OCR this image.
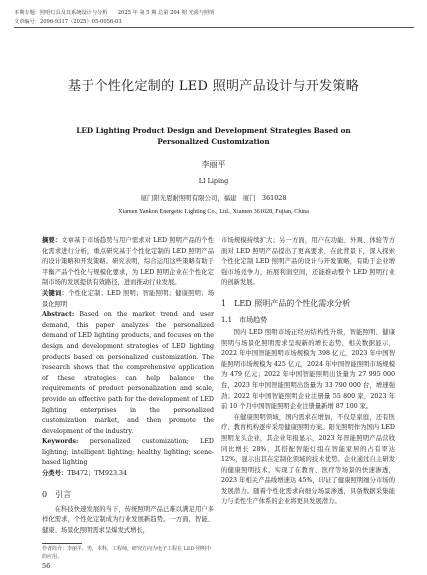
本期专题：照明灯具及其系统设计与分析　　2025 年 第 5 期 总第 204 期 光源与照明
文章编号：2096-9317（2025）05-0056-03
基于个性化定制的 LED 照明产品设计与开发策略
LED Lighting Product Design and Development Strategies Based on Personalized Customization
李丽平
LI Liping
厦门阳光恩耐照明有限公司，福建　厦门　361028
Xiamen Yankon Energetic Lighting Co., Ltd., Xiamen 361028, Fujian, China

摘要：文章基于市场趋势与用户需求对 LED 照明产品的个性化需求进行分析，重点研究基于个性化定制的 LED 照明产品的设计策略和开发策略。研究表明，综合运用这些策略有助于平衡产品个性化与规模化要求，为 LED 照明企业在个性化定制市场的发展提供有效路径，进而推动行业发展。

关键词：个性化定制；LED 照明；智能照明；健康照明；场景化照明

Abstract: Based on the market trend and user demand, this paper analyzes the personalized demand of LED lighting products, and focuses on the design and development strategies of LED lighting products based on personalized customization. The research shows that the comprehensive application of these strategies can help balance the requirements of product personalization and scale, provide an effective path for the development of LED lighting enterprises in the personalized customization market, and then promote the development of the industry.

Keywords: personalized customization; LED lighting; intelligent lighting; healthy lighting; scene-based lighting

分类号：TB472；TM923.34

0　引言

在科技快速发展的当下，传统照明产品已难以满足用户多样化需求，个性化定制成为行业发展新趋势。一方面，智能、健康、场景化照明需求呈爆发式增长，

市场规模持续扩大；另一方面，用户在功能、外观、体验等方面对 LED 照明产品提出了更高要求，在此背景下，深入探索个性化定制 LED 照明产品的设计与开发策略，有助于企业增强市场竞争力，拓展利润空间，还能推动整个 LED 照明行业的创新发展。

1　LED 照明产品的个性化需求分析
1.1　市场趋势

国内 LED 照明市场正经历结构性升级，智能照明、健康照明与场景化照明需求呈现新的增长态势，相关数据显示，2022 年中国智能照明市场规模为 398 亿元，2023 年中国智能照明市场规模为 425 亿元，2024 年中国智能照明市场规模为 479 亿元；2022 年中国智能照明出货量为 27 995 000 台，2023 年中国智能照明出货量为 33 790 000 台，增速强劲；2022 年中国智能照明企业注册量 55 800 家，2023 年前 10 个月中国智能照明企业注册量新增 87 100 家。

在健康照明领域，国内需求在增加，不仅是家庭，还有医疗、教育机构逐步采用健康照明方案。阳光照明作为国内 LED 照明龙头企业，其企业年报显示，2023 年智能照明产品营收同比增长 28%，其搭配智能灯组在智能家居的占有率达 12%，显示出其在定制化领域的技术优势。企业通过自主研发的健康照明技术，实现了在教育、医疗等场景的快速渗透，2023 年相关产品线增速达 45%，印证了健康照明细分市场的发展潜力。随着个性化需求向细分场景渗透，具备数据采集能力与柔性生产体系的企业将更具发展潜力。

作者简介：李丽平，男，本科，工程师，研究方向为电子工程在 LED 照明中的应用。
56
